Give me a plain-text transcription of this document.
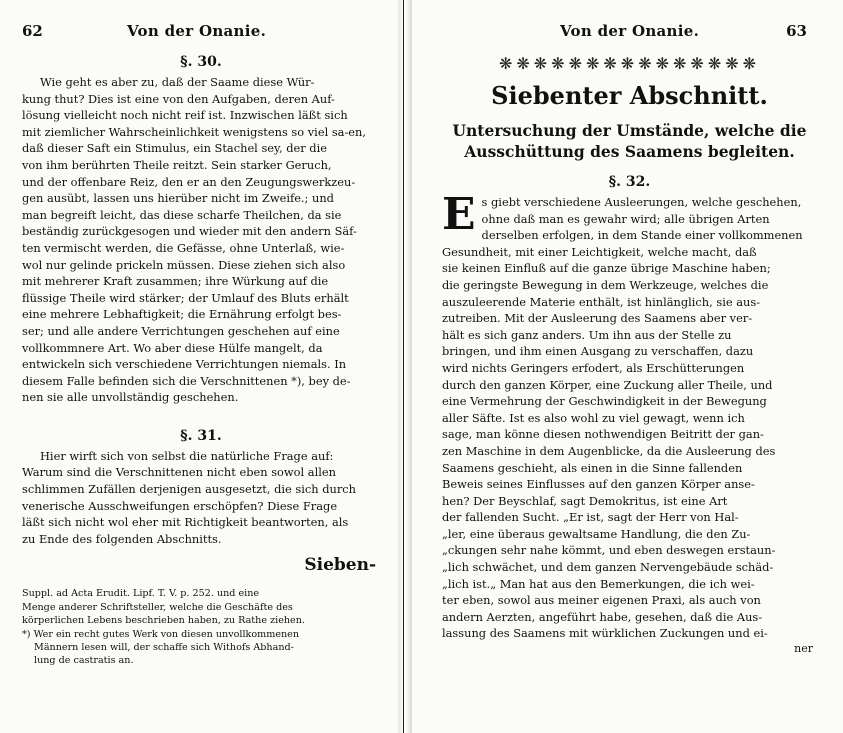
62	Von der Onanie.
§. 30.

Wie geht es aber zu, daß der Saame diese Wür-

kung thut? Dies ist eine von den Aufgaben, deren Auf-

lösung vielleicht noch nicht reif ist. Inzwischen läßt sich

mit ziemlicher Wahrscheinlichkeit wenigstens so viel sa-en,

daß dieser Saft ein Stimulus, ein Stachel sey, der die

von ihm berührten Theile reitzt. Sein starker Geruch,

und der offenbare Reiz, den er an den Zeugungswerkzeu-

gen ausübt, lassen uns hierüber nicht im Zweife.; und

man begreift leicht, das diese scharfe Theilchen, da sie

beständig zurückgesogen und wieder mit den andern Säf-

ten vermischt werden, die Gefässe, ohne Unterlaß, wie-

wol nur gelinde prickeln müssen. Diese ziehen sich also

mit mehrerer Kraft zusammen; ihre Würkung auf die

flüssige Theile wird stärker; der Umlauf des Bluts erhält

eine mehrere Lebhaftigkeit; die Ernährung erfolgt bes-

ser; und alle andere Verrichtungen geschehen auf eine

vollkommnere Art. Wo aber diese Hülfe mangelt, da

entwickeln sich verschiedene Verrichtungen niemals. In

diesem Falle befinden sich die Verschnittenen *), bey de-

nen sie alle unvollständig geschehen.

§. 31.

Hier wirft sich von selbst die natürliche Frage auf:

Warum sind die Verschnittenen nicht eben sowol allen

schlimmen Zufällen derjenigen ausgesetzt, die sich durch

venerische Ausschweifungen erschöpfen? Diese Frage

läßt sich nicht wol eher mit Richtigkeit beantworten, als

zu Ende des folgenden Abschnitts.

Sieben-

Suppl. ad Acta Erudit. Lipf. T. V. p. 252. und eine

Menge anderer Schriftsteller, welche die Geschäfte des

körperlichen Lebens beschrieben haben, zu Rathe ziehen.

*) Wer ein recht gutes Werk von diesen unvollkommenen

Männern lesen will, der schaffe sich Withofs Abhand-

lung de castratis an.

Von der Onanie.	63
❋❋❋❋❋❋❋❋❋❋❋❋❋❋❋
Siebenter Abschnitt.
Untersuchung der Umstände, welche die
Ausschüttung des Saamens begleiten.
§. 32.
E s giebt verschiedene Ausleerungen, welche geschehen,

ohne daß man es gewahr wird; alle übrigen Arten

derselben erfolgen, in dem Stande einer vollkommenen

Gesundheit, mit einer Leichtigkeit, welche macht, daß

sie keinen Einfluß auf die ganze übrige Maschine haben;

die geringste Bewegung in dem Werkzeuge, welches die

auszuleerende Materie enthält, ist hinlänglich, sie aus-

zutreiben. Mit der Ausleerung des Saamens aber ver-

hält es sich ganz anders. Um ihn aus der Stelle zu

bringen, und ihm einen Ausgang zu verschaffen, dazu

wird nichts Geringers erfodert, als Erschütterungen

durch den ganzen Körper, eine Zuckung aller Theile, und

eine Vermehrung der Geschwindigkeit in der Bewegung

aller Säfte. Ist es also wohl zu viel gewagt, wenn ich

sage, man könne diesen nothwendigen Beitritt der gan-

zen Maschine in dem Augenblicke, da die Ausleerung des

Saamens geschieht, als einen in die Sinne fallenden

Beweis seines Einflusses auf den ganzen Körper anse-

hen? Der Beyschlaf, sagt Demokritus, ist eine Art

der fallenden Sucht. „Er ist, sagt der Herr von Hal-

„ler, eine überaus gewaltsame Handlung, die den Zu-

„ckungen sehr nahe kömmt, und eben deswegen erstaun-

„lich schwächet, und dem ganzen Nervengebäude schäd-

„lich ist.„ Man hat aus den Bemerkungen, die ich wei-

ter eben, sowol aus meiner eigenen Praxi, als auch von

andern Aerzten, angeführt habe, gesehen, daß die Aus-

lassung des Saamens mit würklichen Zuckungen und ei-

ner
